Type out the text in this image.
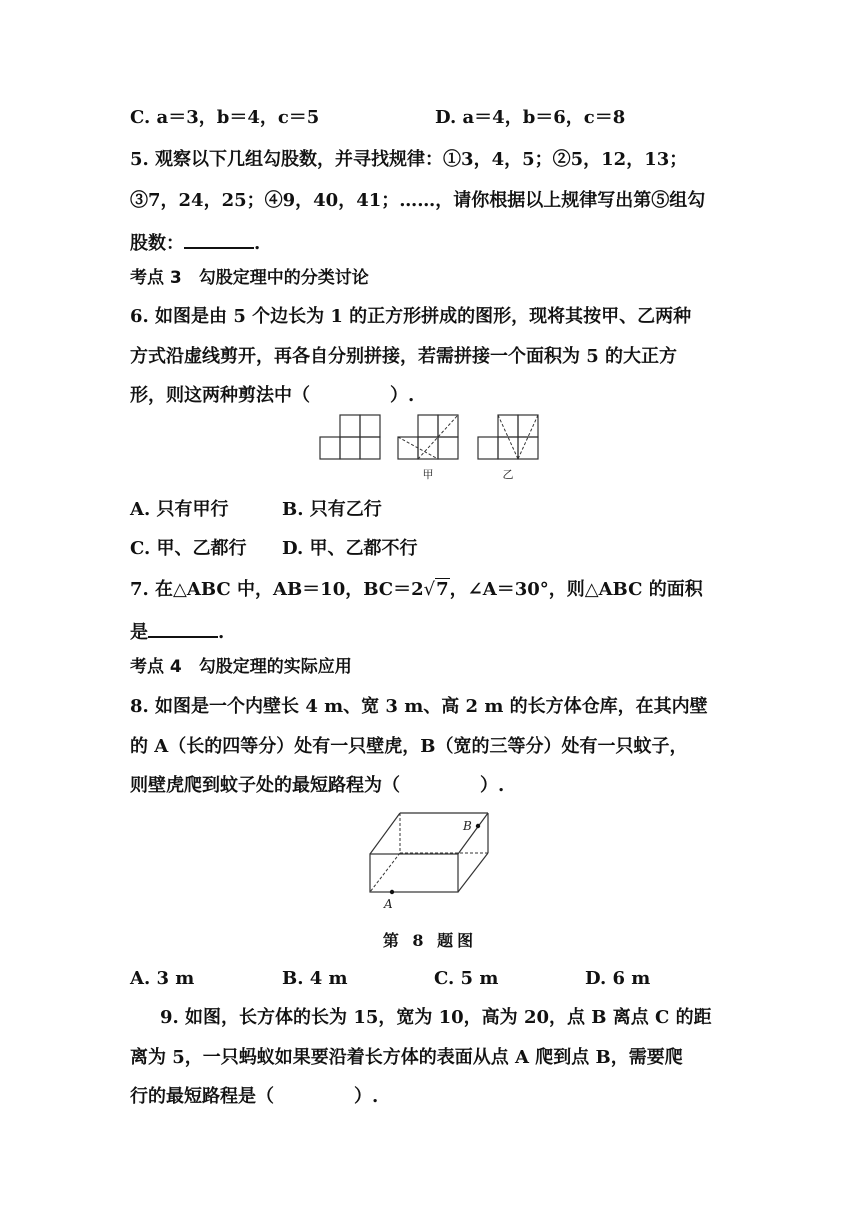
C. a＝3，b＝4，c＝5	D. a＝4，b＝6，c＝8
5. 观察以下几组勾股数，并寻找规律：①3，4，5；②5，12，13；
③7，24，25；④9，40，41；……，请你根据以上规律写出第⑤组勾
股数：	.
考点 3　勾股定理中的分类讨论
6. 如图是由 5 个边长为 1 的正方形拼成的图形，现将其按甲、乙两种
方式沿虚线剪开，再各自分别拼接，若需拼接一个面积为 5 的大正方
形，则这两种剪法中（	）.
甲	乙
A. 只有甲行	B. 只有乙行
C. 甲、乙都行 D. 甲、乙都不行
7. 在△ABC 中，AB＝10，BC＝2√7，∠A＝30°，则△ABC 的面积
是	.
考点 4　勾股定理的实际应用
8. 如图是一个内壁长 4 m、宽 3 m、高 2 m 的长方体仓库，在其内壁
的 A（长的四等分）处有一只壁虎，B（宽的三等分）处有一只蚊子，
则壁虎爬到蚊子处的最短路程为（	）.
A
B
第 8 题图
A. 3 m	B. 4 m	C. 5 m	D. 6 m
9. 如图，长方体的长为 15，宽为 10，高为 20，点 B 离点 C 的距
离为 5，一只蚂蚁如果要沿着长方体的表面从点 A 爬到点 B，需要爬
行的最短路程是（	）.
